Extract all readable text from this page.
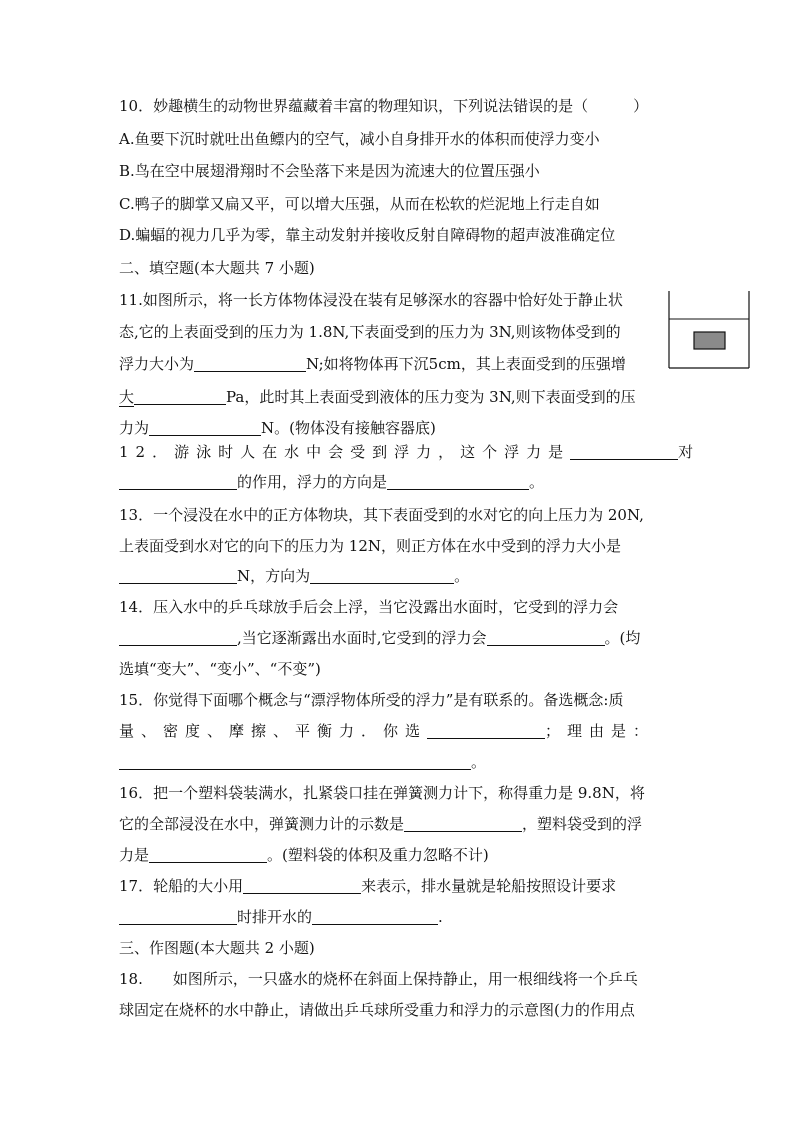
10．妙趣横生的动物世界蕴藏着丰富的物理知识，下列说法错误的是（　　　）
A.鱼要下沉时就吐出鱼鳔内的空气，减小自身排开水的体积而使浮力变小
B.鸟在空中展翅滑翔时不会坠落下来是因为流速大的位置压强小
C.鸭子的脚掌又扁又平，可以增大压强，从而在松软的烂泥地上行走自如
D.蝙蝠的视力几乎为零，靠主动发射并接收反射自障碍物的超声波准确定位
二、填空题(本大题共 7 小题)
11.如图所示，将一长方体物体浸没在装有足够深水的容器中恰好处于静止状
态,它的上表面受到的压力为 1.8N,下表面受到的压力为 3N,则该物体受到的
浮力大小为	N;如将物体再下沉5cm，其上表面受到的压强增
大	Pa，此时其上表面受到液体的压力变为 3N,则下表面受到的压
力为	N。(物体没有接触容器底)
12．游泳时人在水中会受到浮力，这个浮力是	对
的作用，浮力的方向是	。
13．一个浸没在水中的正方体物块，其下表面受到的水对它的向上压力为 20N,
上表面受到水对它的向下的压力为 12N，则正方体在水中受到的浮力大小是
N，方向为	。
14．压入水中的乒乓球放手后会上浮，当它没露出水面时，它受到的浮力会
,当它逐渐露出水面时,它受到的浮力会	。(均
选填“变大”、“变小”、“不变”)
15．你觉得下面哪个概念与“漂浮物体所受的浮力”是有联系的。备选概念:质
量、密度、摩擦、平衡力．你选	；理由是：
。
16．把一个塑料袋装满水，扎紧袋口挂在弹簧测力计下，称得重力是 9.8N，将
它的全部浸没在水中，弹簧测力计的示数是	，塑料袋受到的浮
力是	。(塑料袋的体积及重力忽略不计)
17．轮船的大小用	来表示，排水量就是轮船按照设计要求
时排开水的	.
三、作图题(本大题共 2 小题)
18.　　如图所示，一只盛水的烧杯在斜面上保持静止，用一根细线将一个乒乓
球固定在烧杯的水中静止，请做出乒乓球所受重力和浮力的示意图(力的作用点
